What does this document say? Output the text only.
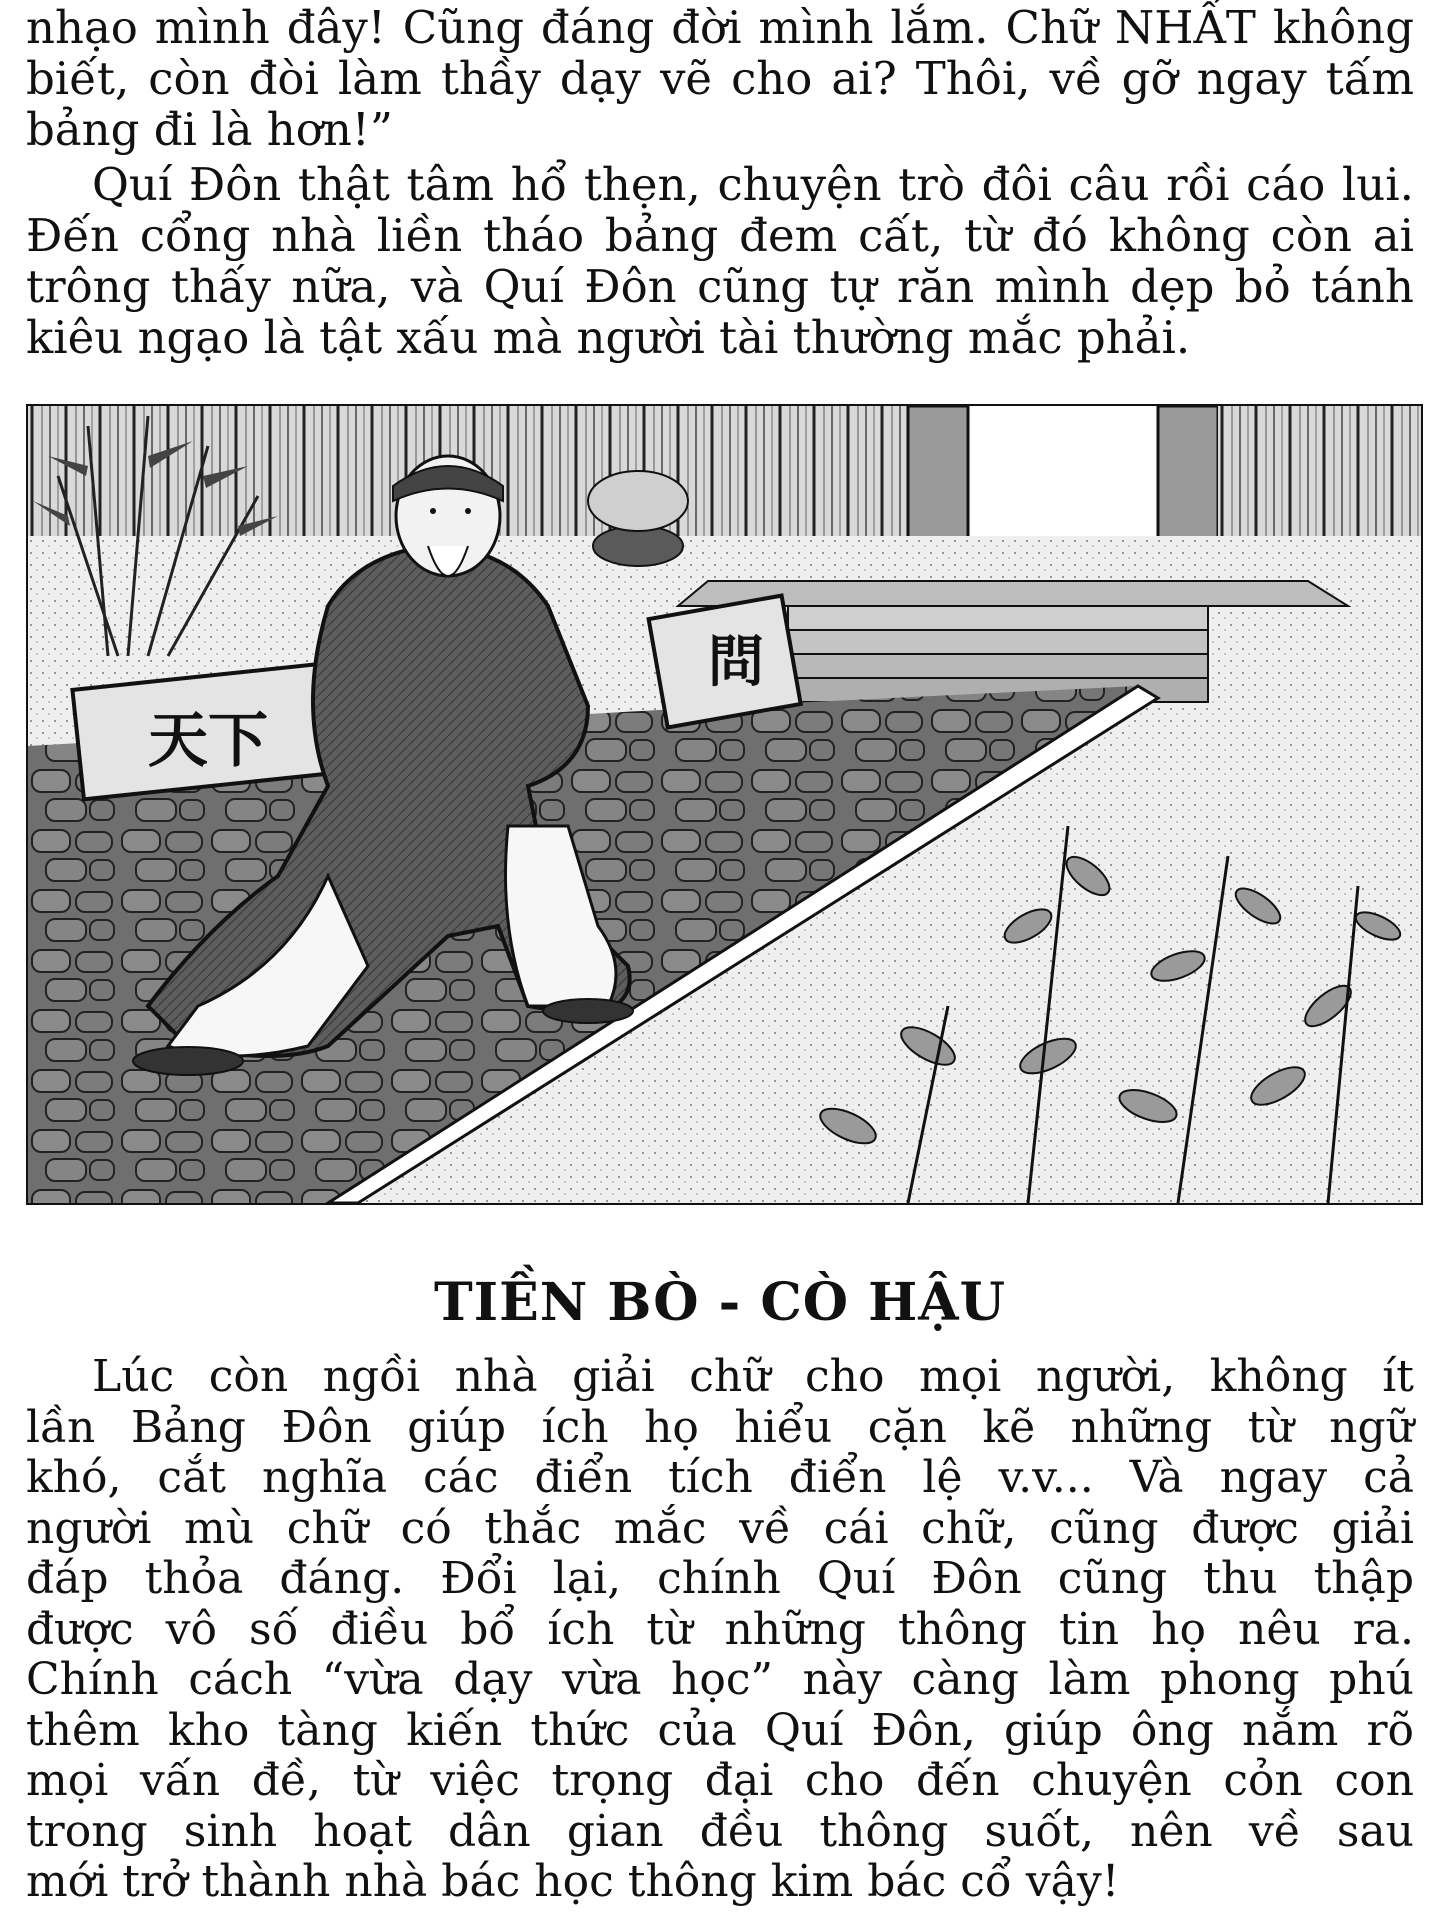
nhạo mình đây! Cũng đáng đời mình lắm. Chữ NHẤT không
biết, còn đòi làm thầy dạy vẽ cho ai? Thôi, về gỡ ngay tấm
bảng đi là hơn!”

Quí Đôn thật tâm hổ thẹn, chuyện trò đôi câu rồi cáo lui.
Đến cổng nhà liền tháo bảng đem cất, từ đó không còn ai
trông thấy nữa, và Quí Đôn cũng tự răn mình dẹp bỏ tánh
kiêu ngạo là tật xấu mà người tài thường mắc phải.

天下
問
TIỀN BÒ - CÒ HẬU

Lúc còn ngồi nhà giải chữ cho mọi người, không ít
lần Bảng Đôn giúp ích họ hiểu cặn kẽ những từ ngữ
khó, cắt nghĩa các điển tích điển lệ v.v... Và ngay cả
người mù chữ có thắc mắc về cái chữ, cũng được giải
đáp thỏa đáng. Đổi lại, chính Quí Đôn cũng thu thập
được vô số điều bổ ích từ những thông tin họ nêu ra.
Chính cách “vừa dạy vừa học” này càng làm phong phú
thêm kho tàng kiến thức của Quí Đôn, giúp ông nắm rõ
mọi vấn đề, từ việc trọng đại cho đến chuyện cỏn con
trong sinh hoạt dân gian đều thông suốt, nên về sau
mới trở thành nhà bác học thông kim bác cổ vậy!
